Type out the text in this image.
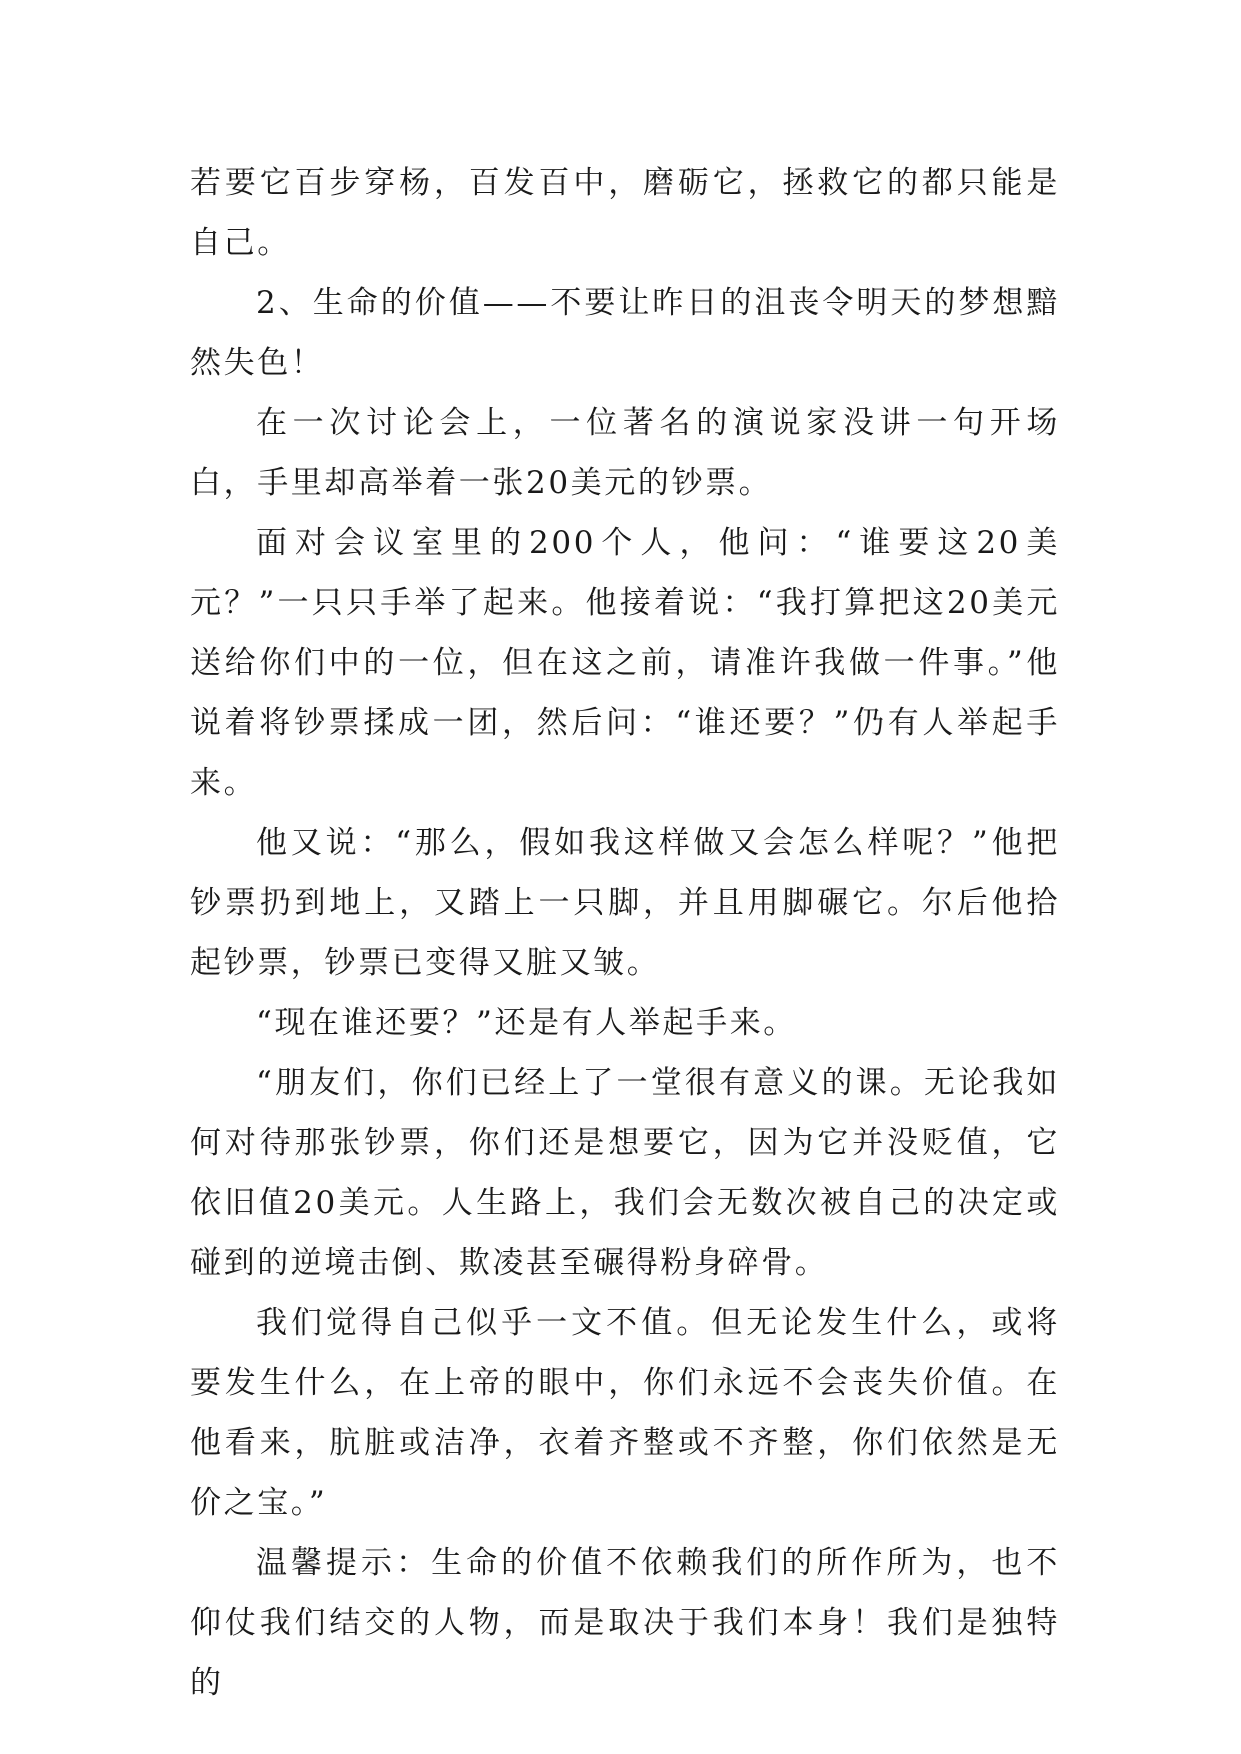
若要它百步穿杨，百发百中，磨砺它，拯救它的都只能是自己。

2、生命的价值——不要让昨日的沮丧令明天的梦想黯然失色！

在一次讨论会上，一位著名的演说家没讲一句开场白，手里却高举着一张20美元的钞票。

面对会议室里的200个人，他问：“谁要这20美元？”一只只手举了起来。他接着说：“我打算把这20美元送给你们中的一位，但在这之前，请准许我做一件事。”他说着将钞票揉成一团，然后问：“谁还要？”仍有人举起手来。

他又说：“那么，假如我这样做又会怎么样呢？”他把钞票扔到地上，又踏上一只脚，并且用脚碾它。尔后他拾起钞票，钞票已变得又脏又皱。

“现在谁还要？”还是有人举起手来。

“朋友们，你们已经上了一堂很有意义的课。无论我如何对待那张钞票，你们还是想要它，因为它并没贬值，它依旧值20美元。人生路上，我们会无数次被自己的决定或碰到的逆境击倒、欺凌甚至碾得粉身碎骨。

我们觉得自己似乎一文不值。但无论发生什么，或将要发生什么，在上帝的眼中，你们永远不会丧失价值。在他看来，肮脏或洁净，衣着齐整或不齐整，你们依然是无价之宝。”

温馨提示：生命的价值不依赖我们的所作所为，也不仰仗我们结交的人物，而是取决于我们本身！我们是独特的
